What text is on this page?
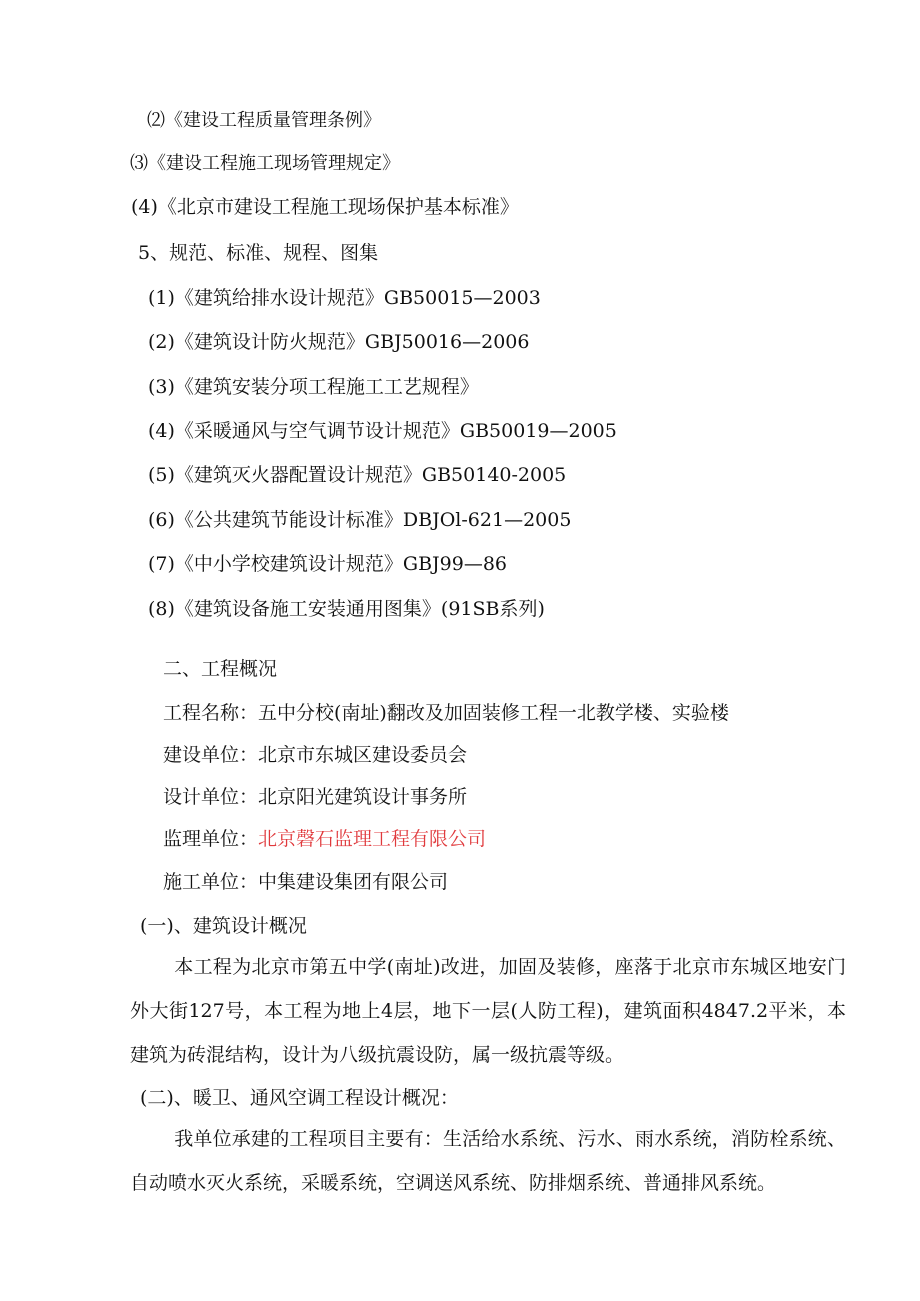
⑵《建设工程质量管理条例》
⑶《建设工程施工现场管理规定》
(4)《北京市建设工程施工现场保护基本标准》
5、规范、标准、规程、图集
(1)《建筑给排水设计规范》GB50015—2003
(2)《建筑设计防火规范》GBJ50016—2006
(3)《建筑安装分项工程施工工艺规程》
(4)《采暖通风与空气调节设计规范》GB50019—2005
(5)《建筑灭火器配置设计规范》GB50140-2005
(6)《公共建筑节能设计标准》DBJOl-621—2005
(7)《中小学校建筑设计规范》GBJ99—86
(8)《建筑设备施工安装通用图集》(91SB系列)
二、工程概况
工程名称：五中分校(南址)翻改及加固装修工程一北教学楼、实验楼
建设单位：北京市东城区建设委员会
设计单位：北京阳光建筑设计事务所
监理单位：北京磬石监理工程有限公司
施工单位：中集建设集团有限公司
(一)、建筑设计概况
本工程为北京市第五中学(南址)改进，加固及装修，座落于北京市东城区地安门外大街127号，本工程为地上4层，地下一层(人防工程)，建筑面积4847.2平米，本建筑为砖混结构，设计为八级抗震设防，属一级抗震等级。
(二)、暖卫、通风空调工程设计概况：
我单位承建的工程项目主要有：生活给水系统、污水、雨水系统，消防栓系统、自动喷水灭火系统，采暖系统，空调送风系统、防排烟系统、普通排风系统。
